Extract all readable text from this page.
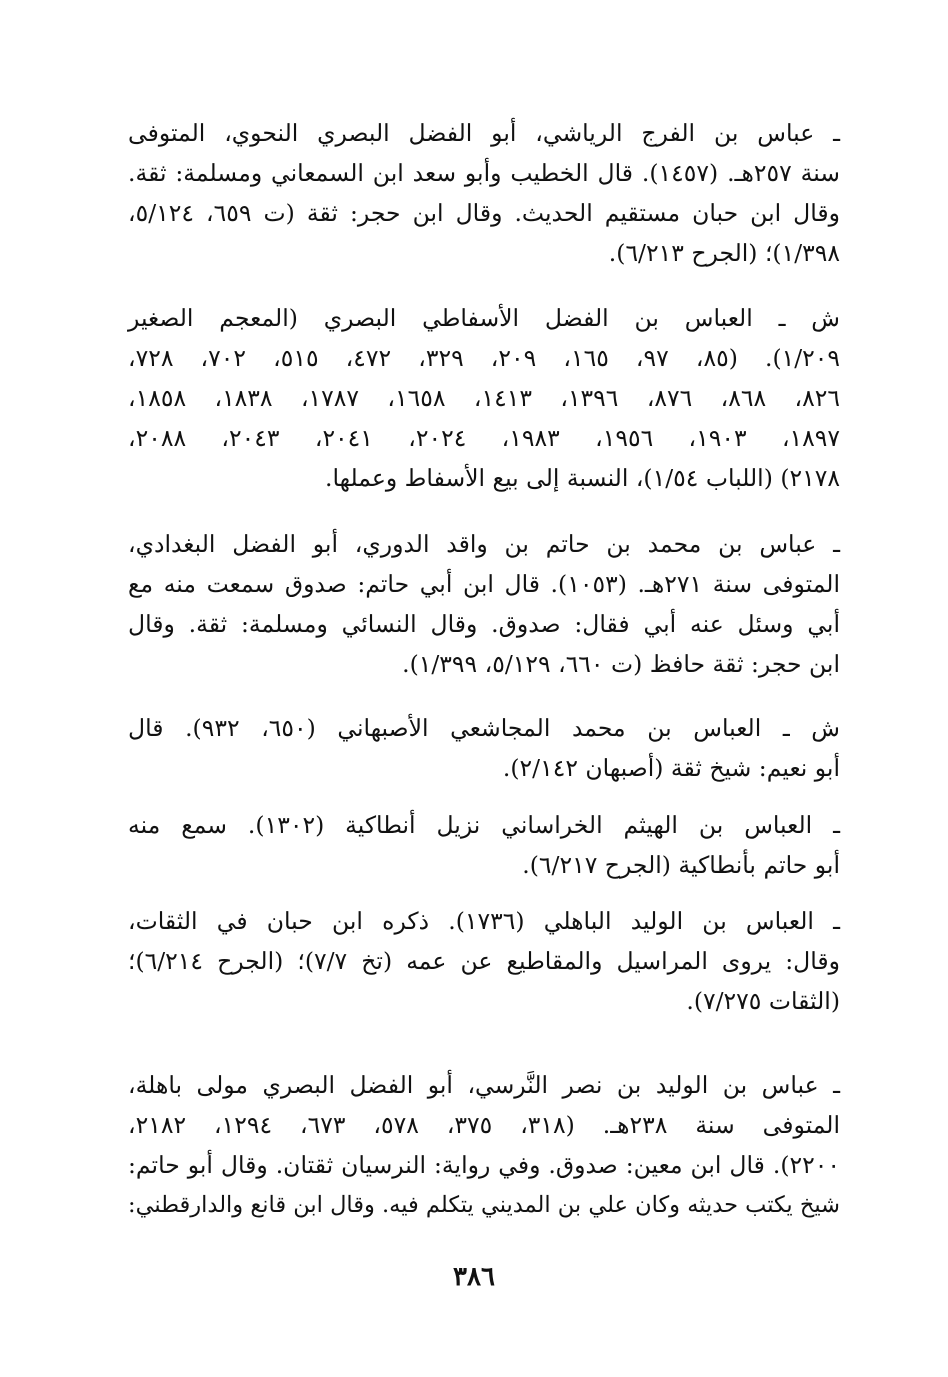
ـ عباس بن الفرج الرياشي، أبو الفضل البصري النحوي، المتوفى
سنة ٢٥٧هـ. (١٤٥٧). قال الخطيب وأبو سعد ابن السمعاني ومسلمة: ثقة.
وقال ابن حبان مستقيم الحديث. وقال ابن حجر: ثقة (ت ٦٥٩، ٥/١٢٤،
١/٣٩٨)؛ (الجرح ٦/٢١٣).
ش ـ العباس بن الفضل الأسفاطي البصري (المعجم الصغير
١/٢٠٩). (٨٥، ٩٧، ١٦٥، ٢٠٩، ٣٢٩، ٤٧٢، ٥١٥، ٧٠٢، ٧٢٨،
٨٢٦، ٨٦٨، ٨٧٦، ١٣٩٦، ١٤١٣، ١٦٥٨، ١٧٨٧، ١٨٣٨، ١٨٥٨،
١٨٩٧، ١٩٠٣، ١٩٥٦، ١٩٨٣، ٢٠٢٤، ٢٠٤١، ٢٠٤٣، ٢٠٨٨،
٢١٧٨) (اللباب ١/٥٤)، النسبة إلى بيع الأسفاط وعملها.
ـ عباس بن محمد بن حاتم بن واقد الدوري، أبو الفضل البغدادي،
المتوفى سنة ٢٧١هـ. (١٠٥٣). قال ابن أبي حاتم: صدوق سمعت منه مع
أبي وسئل عنه أبي فقال: صدوق. وقال النسائي ومسلمة: ثقة. وقال
ابن حجر: ثقة حافظ (ت ٦٦٠، ٥/١٢٩، ١/٣٩٩).
ش ـ العباس بن محمد المجاشعي الأصبهاني (٦٥٠، ٩٣٢). قال
أبو نعيم: شيخ ثقة (أصبهان ٢/١٤٢).
ـ العباس بن الهيثم الخراساني نزيل أنطاكية (١٣٠٢). سمع منه
أبو حاتم بأنطاكية (الجرح ٦/٢١٧).
ـ العباس بن الوليد الباهلي (١٧٣٦). ذكره ابن حبان في الثقات،
وقال: يروى المراسيل والمقاطيع عن عمه (تخ ٧/٧)؛ (الجرح ٦/٢١٤)؛
(الثقات ٧/٢٧٥).
ـ عباس بن الوليد بن نصر النَّرسي، أبو الفضل البصري مولى باهلة،
المتوفى سنة ٢٣٨هـ. (٣١٨، ٣٧٥، ٥٧٨، ٦٧٣، ١٢٩٤، ٢١٨٢،
٢٢٠٠). قال ابن معين: صدوق. وفي رواية: النرسيان ثقتان. وقال أبو حاتم:
شيخ يكتب حديثه وكان علي بن المديني يتكلم فيه. وقال ابن قانع والدارقطني:
٣٨٦
